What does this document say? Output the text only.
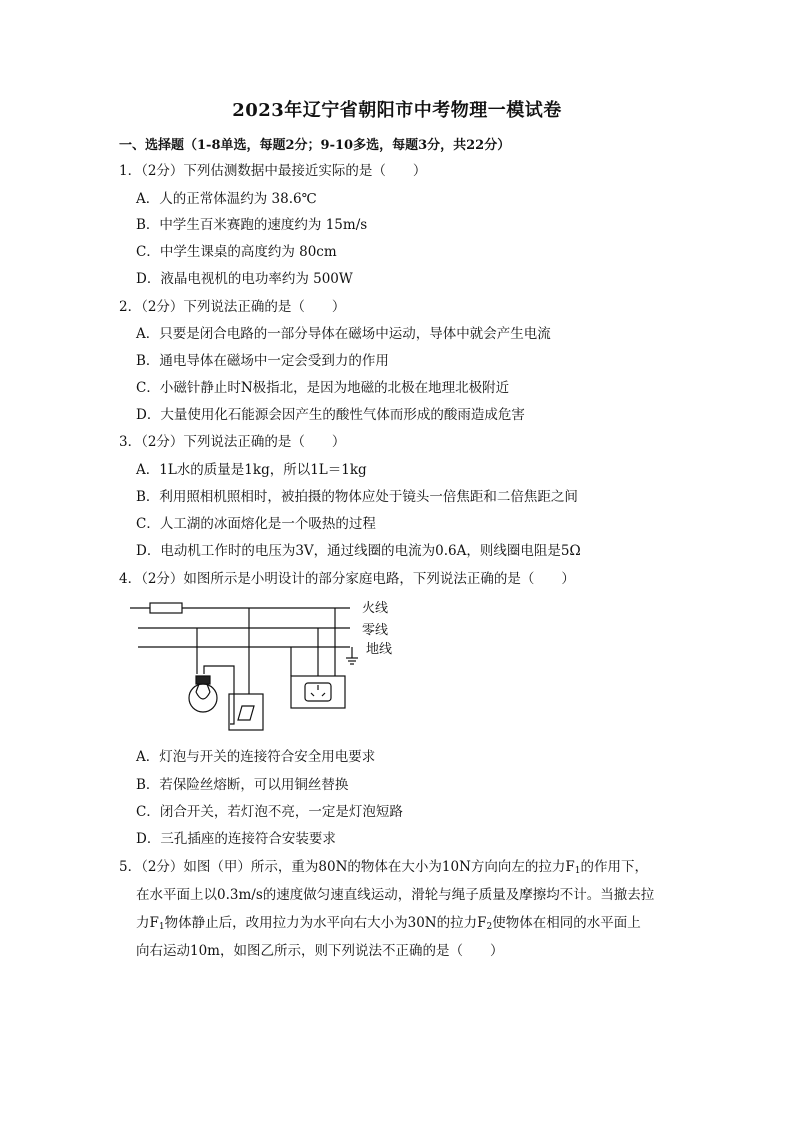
2023年辽宁省朝阳市中考物理一模试卷
一、选择题（1-8单选，每题2分；9-10多选，每题3分，共22分）
1．（2分）下列估测数据中最接近实际的是（　　）
A．人的正常体温约为 38.6℃
B．中学生百米赛跑的速度约为 15m/s
C．中学生课桌的高度约为 80cm
D．液晶电视机的电功率约为 500W
2．（2分）下列说法正确的是（　　）
A．只要是闭合电路的一部分导体在磁场中运动，导体中就会产生电流
B．通电导体在磁场中一定会受到力的作用
C．小磁针静止时N极指北，是因为地磁的北极在地理北极附近
D．大量使用化石能源会因产生的酸性气体而形成的酸雨造成危害
3．（2分）下列说法正确的是（　　）
A．1L水的质量是1kg，所以1L＝1kg
B．利用照相机照相时，被拍摄的物体应处于镜头一倍焦距和二倍焦距之间
C．人工湖的冰面熔化是一个吸热的过程
D．电动机工作时的电压为3V，通过线圈的电流为0.6A，则线圈电阻是5Ω
4．（2分）如图所示是小明设计的部分家庭电路，下列说法正确的是（　　）
火线
零线
地线
A．灯泡与开关的连接符合安全用电要求
B．若保险丝熔断，可以用铜丝替换
C．闭合开关，若灯泡不亮，一定是灯泡短路
D．三孔插座的连接符合安装要求
5．（2分）如图（甲）所示，重为80N的物体在大小为10N方向向左的拉力$F_1$的作用下，
在水平面上以0.3m/s的速度做匀速直线运动，滑轮与绳子质量及摩擦均不计。当撤去拉
力$F_1$物体静止后，改用拉力为水平向右大小为30N的拉力$F_2$使物体在相同的水平面上
向右运动10m，如图乙所示，则下列说法不正确的是（　　）
